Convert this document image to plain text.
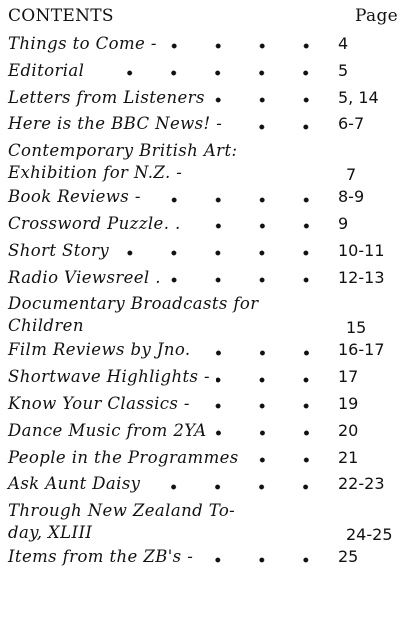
CONTENTS	Page
Things to Come -	4
Editorial	5
Letters from Listeners	5, 14
Here is the BBC News! -	6-7
Contemporary British Art:
Exhibition for N.Z. -	7
Book Reviews -	8-9
Crossword Puzzle. .	9
Short Story	10-11
Radio Viewsreel .	12-13
Documentary Broadcasts for
Children	15
Film Reviews by Jno.	16-17
Shortwave Highlights -	17
Know Your Classics -	19
Dance Music from 2YA	20
People in the Programmes	21
Ask Aunt Daisy	22-23
Through New Zealand To-
day, XLIII	24-25
Items from the ZB's -	25
